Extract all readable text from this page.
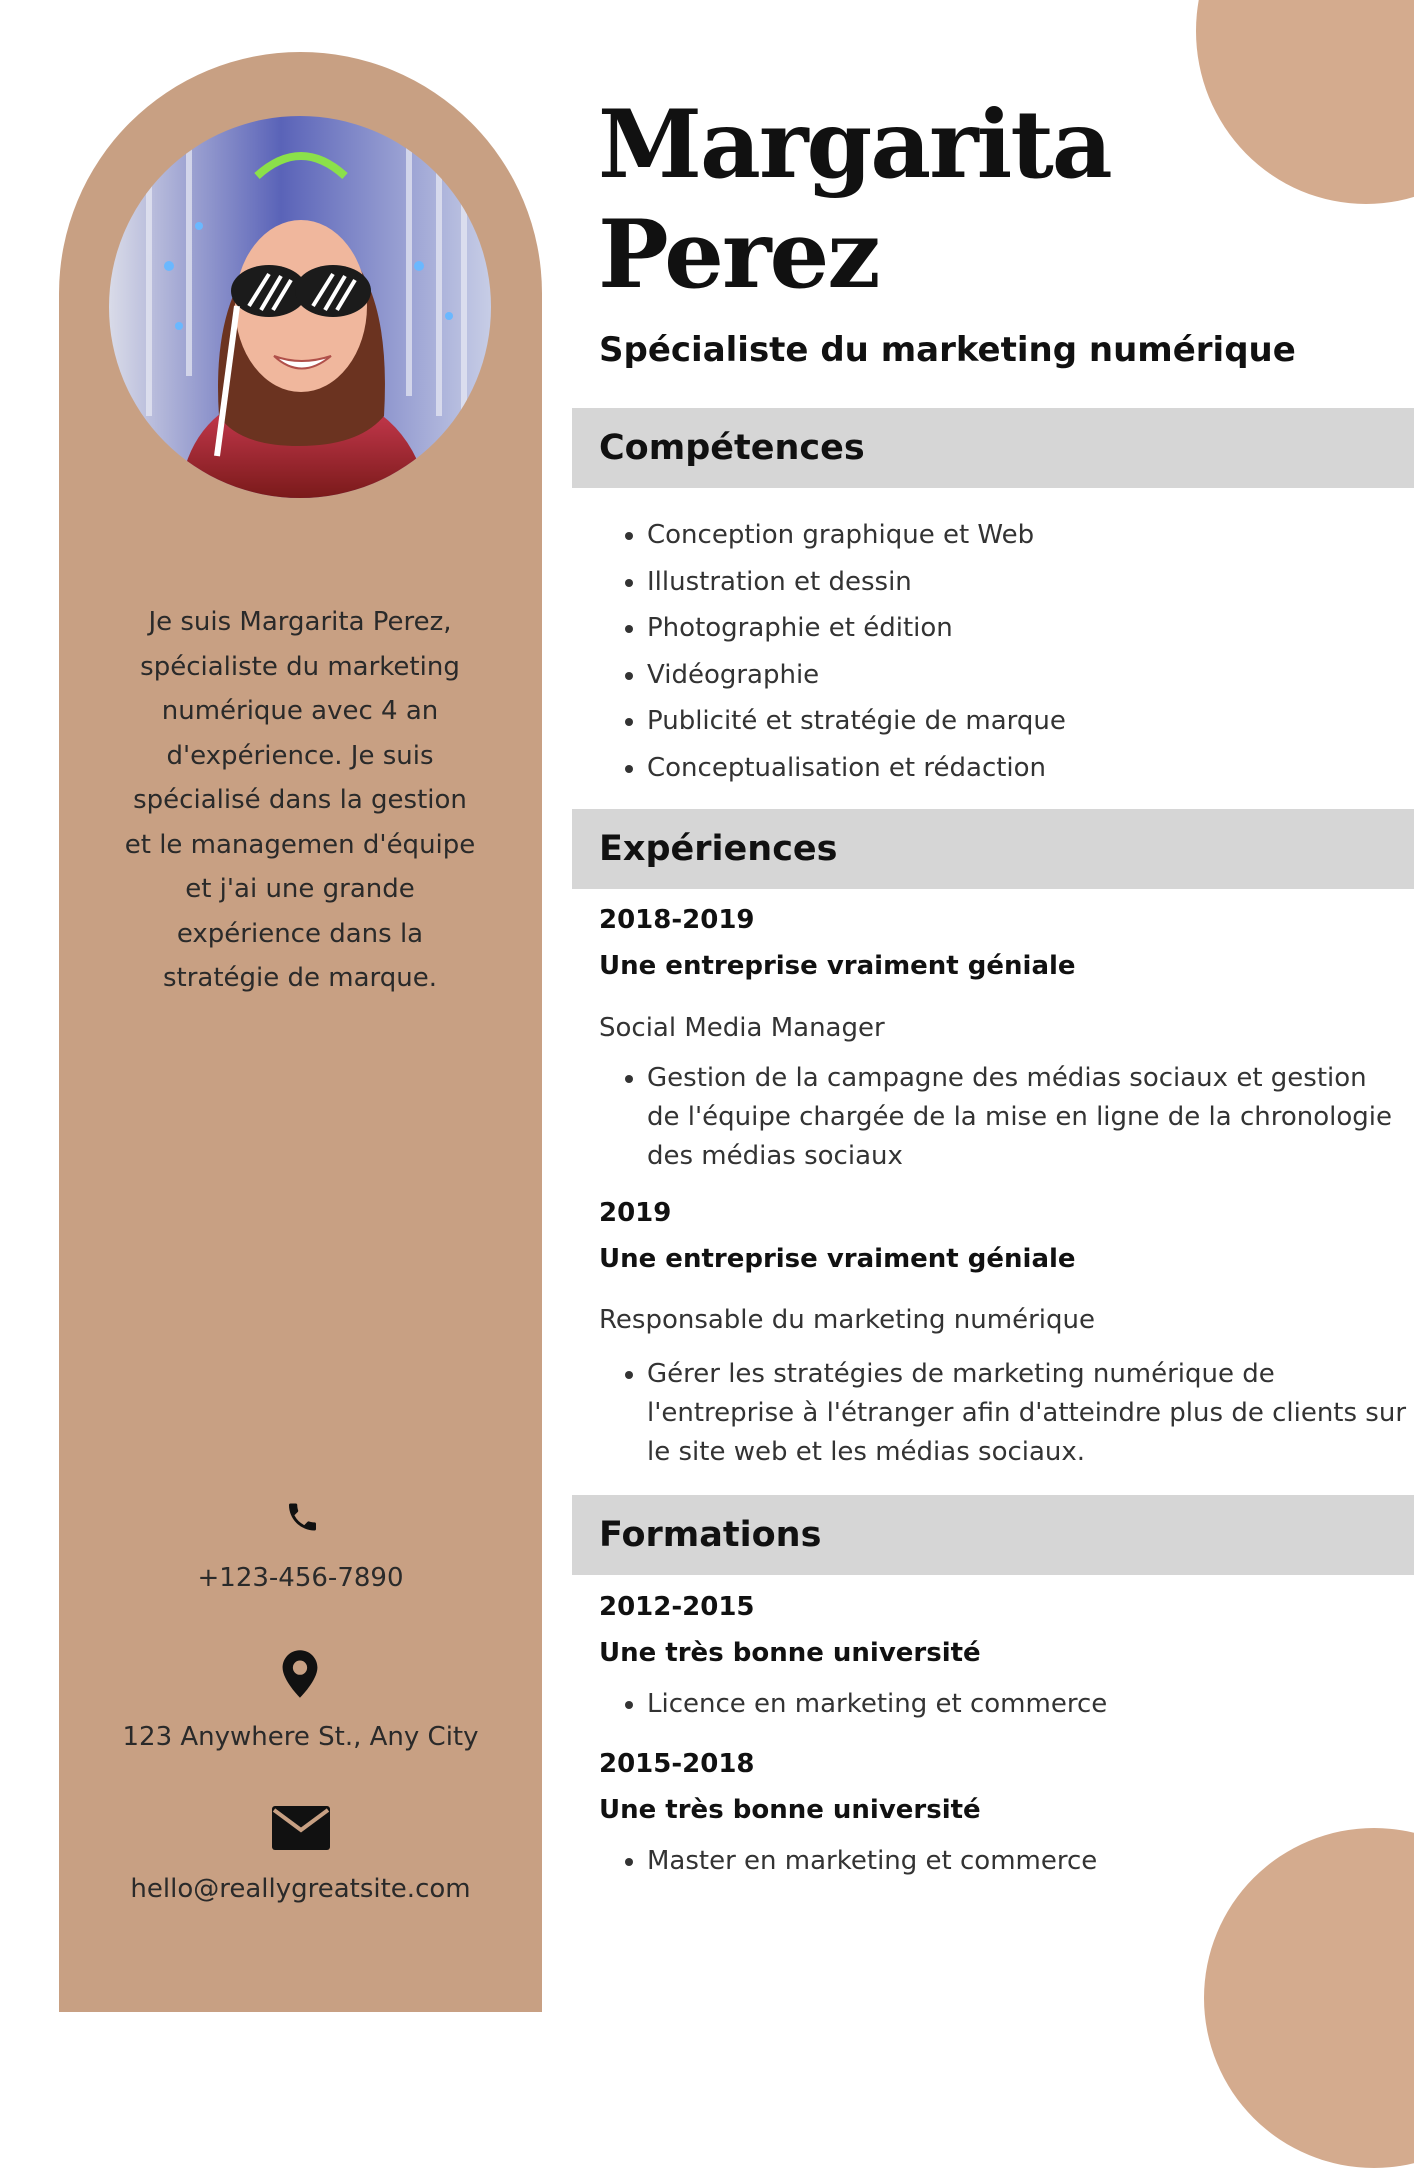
Je suis Margarita Perez, spécialiste du marketing numérique avec 4 an d'expérience. Je suis spécialisé dans la gestion et le managemen d'équipe et j'ai une grande expérience dans la stratégie de marque.

+123-456-7890
123 Anywhere St., Any City
hello@reallygreatsite.com
Margarita
Perez
Spécialiste du marketing numérique
Compétences
• Conception graphique et Web
• Illustration et dessin
• Photographie et édition
• Vidéographie
• Publicité et stratégie de marque
• Conceptualisation et rédaction
Expériences

2018-2019

Une entreprise vraiment géniale

Social Media Manager

• Gestion de la campagne des médias sociaux et gestion de l'équipe chargée de la mise en ligne de la chronologie des médias sociaux

2019

Une entreprise vraiment géniale

Responsable du marketing numérique

• Gérer les stratégies de marketing numérique de l'entreprise à l'étranger afin d'atteindre plus de clients sur le site web et les médias sociaux.
Formations

2012-2015

Une très bonne université

• Licence en marketing et commerce

2015-2018

Une très bonne université

• Master en marketing et commerce
